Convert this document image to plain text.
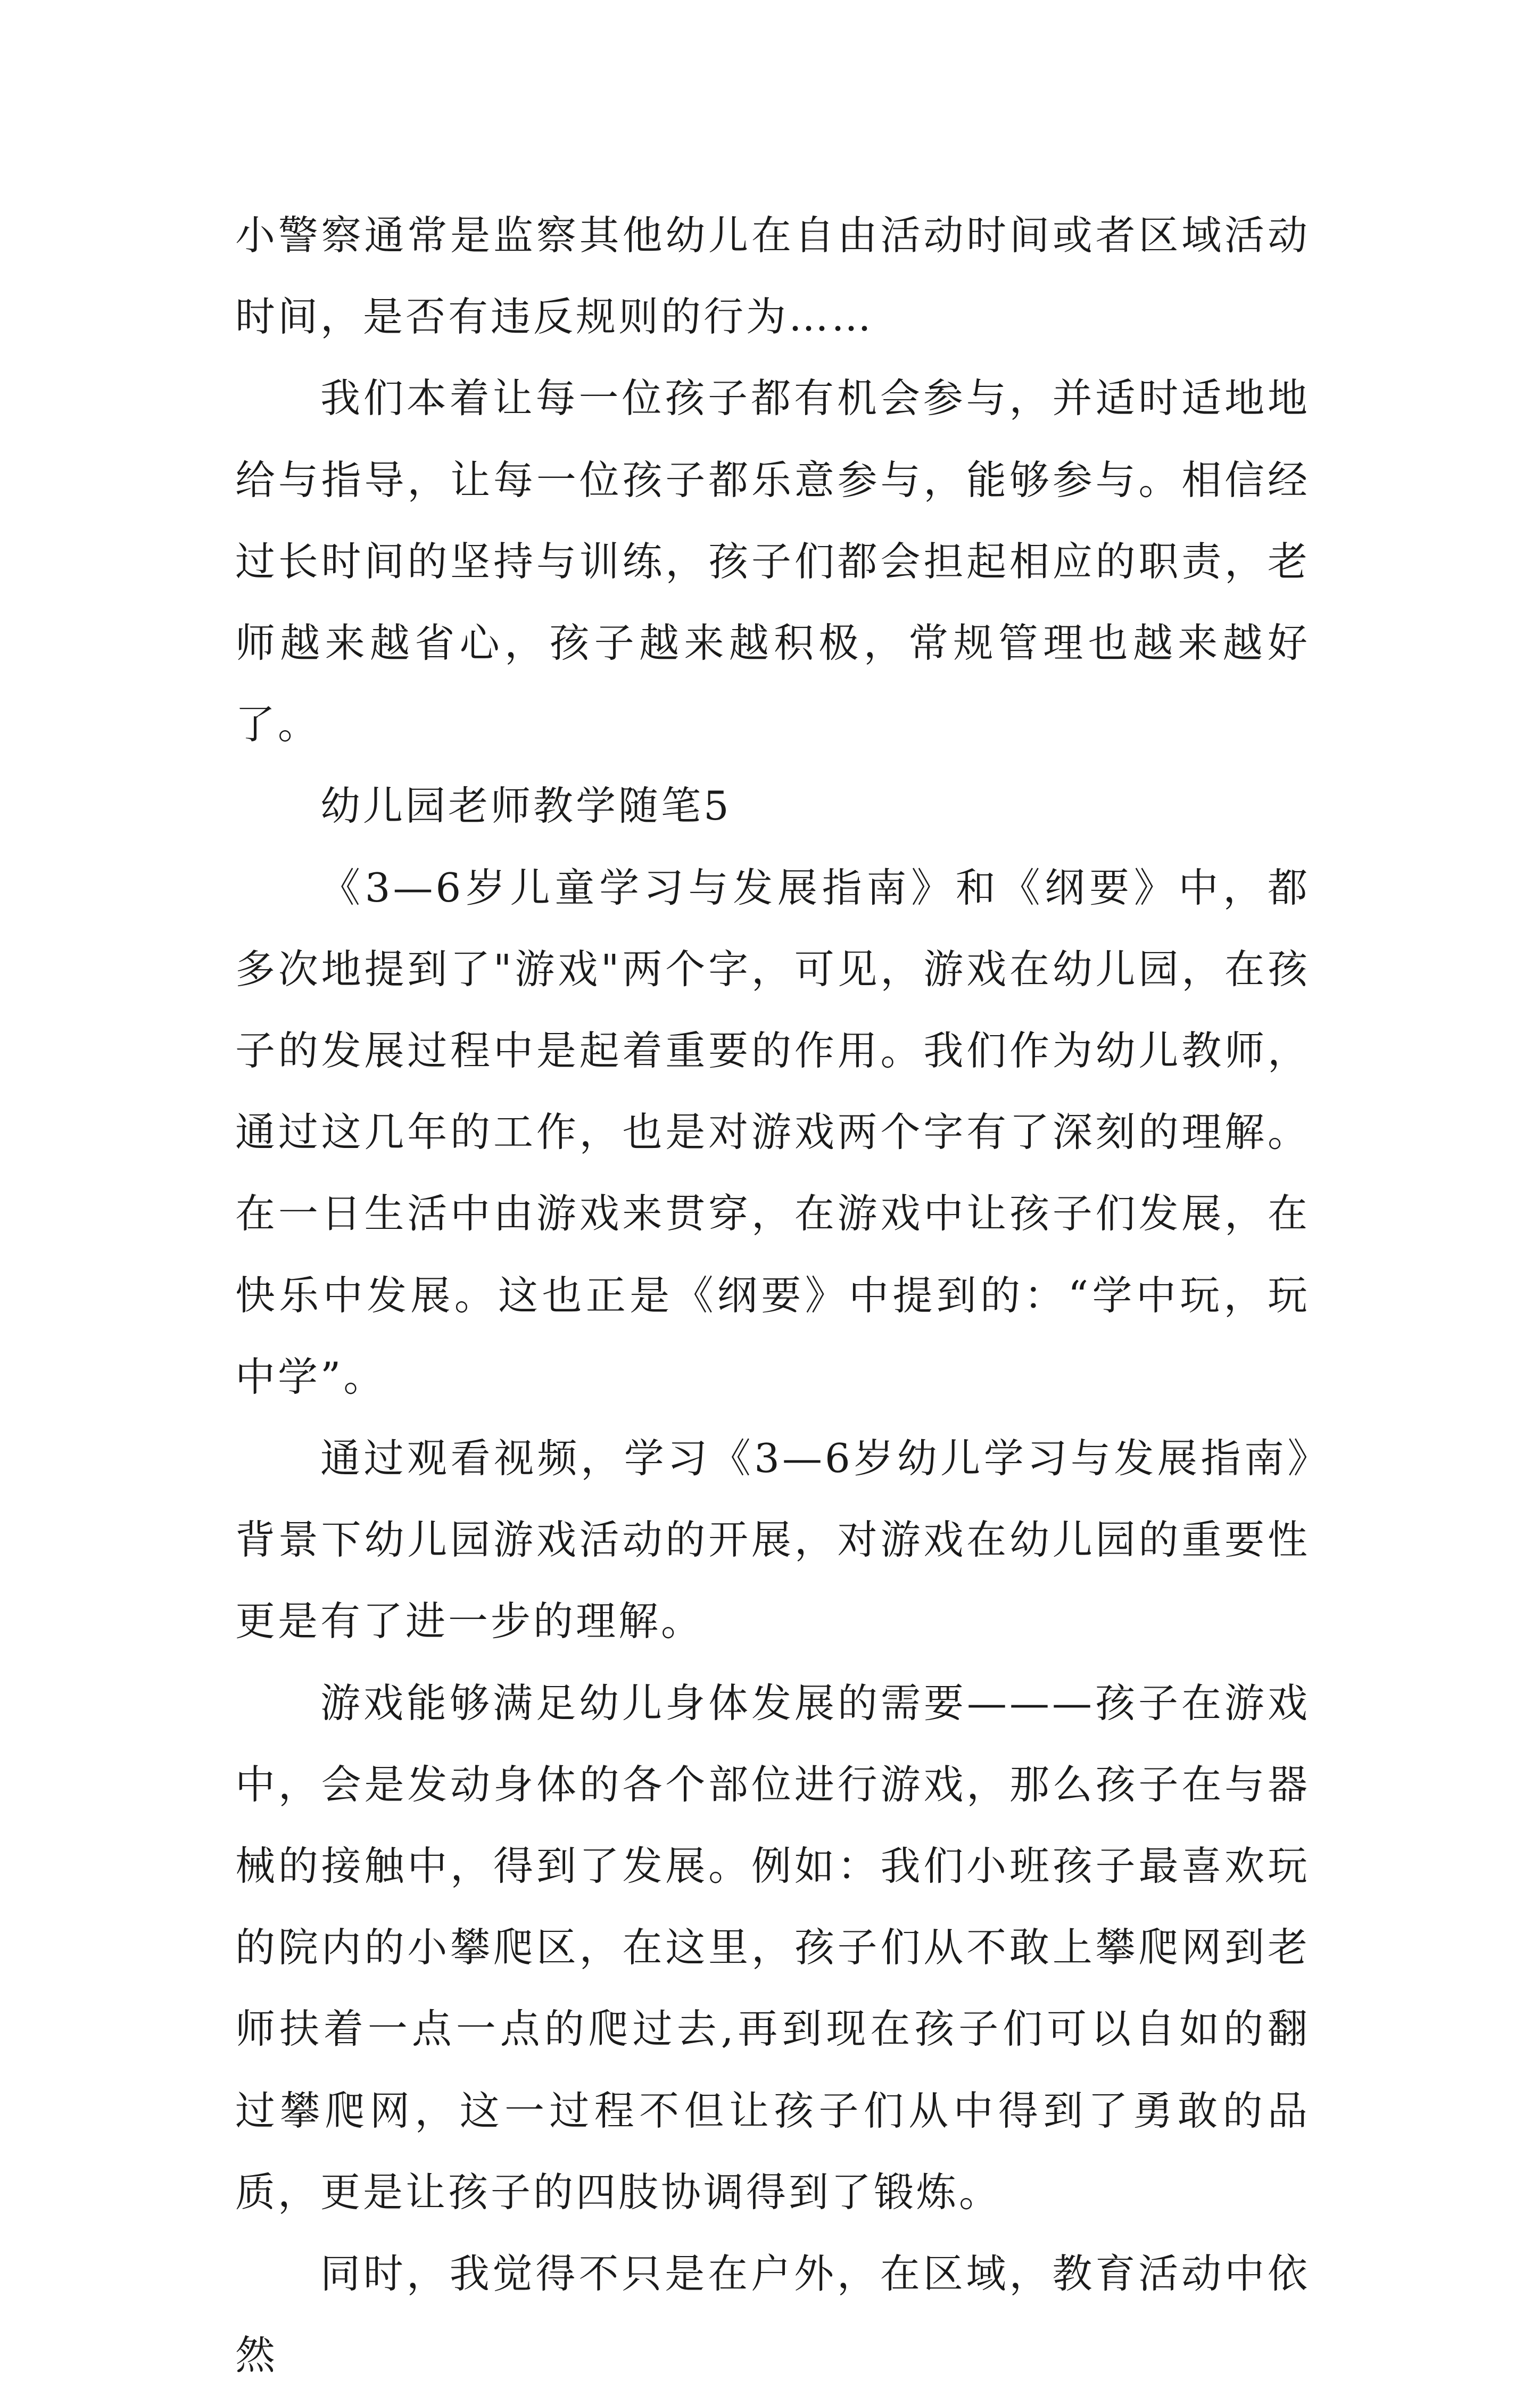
小警察通常是监察其他幼儿在自由活动时间或者区域活动时间，是否有违反规则的行为……

我们本着让每一位孩子都有机会参与，并适时适地地给与指导，让每一位孩子都乐意参与，能够参与。相信经过长时间的坚持与训练，孩子们都会担起相应的职责，老师越来越省心，孩子越来越积极，常规管理也越来越好了。

幼儿园老师教学随笔5

《3—6岁儿童学习与发展指南》和《纲要》中，都多次地提到了"游戏"两个字，可见，游戏在幼儿园，在孩子的发展过程中是起着重要的作用。我们作为幼儿教师，通过这几年的工作，也是对游戏两个字有了深刻的理解。在一日生活中由游戏来贯穿，在游戏中让孩子们发展，在快乐中发展。这也正是《纲要》中提到的：“学中玩，玩中学”。

通过观看视频，学习《3—6岁幼儿学习与发展指南》背景下幼儿园游戏活动的开展，对游戏在幼儿园的重要性更是有了进一步的理解。

游戏能够满足幼儿身体发展的需要———孩子在游戏中，会是发动身体的各个部位进行游戏，那么孩子在与器械的接触中，得到了发展。例如：我们小班孩子最喜欢玩的院内的小攀爬区，在这里，孩子们从不敢上攀爬网到老师扶着一点一点的爬过去,再到现在孩子们可以自如的翻过攀爬网，这一过程不但让孩子们从中得到了勇敢的品质，更是让孩子的四肢协调得到了锻炼。

同时，我觉得不只是在户外，在区域，教育活动中依然
